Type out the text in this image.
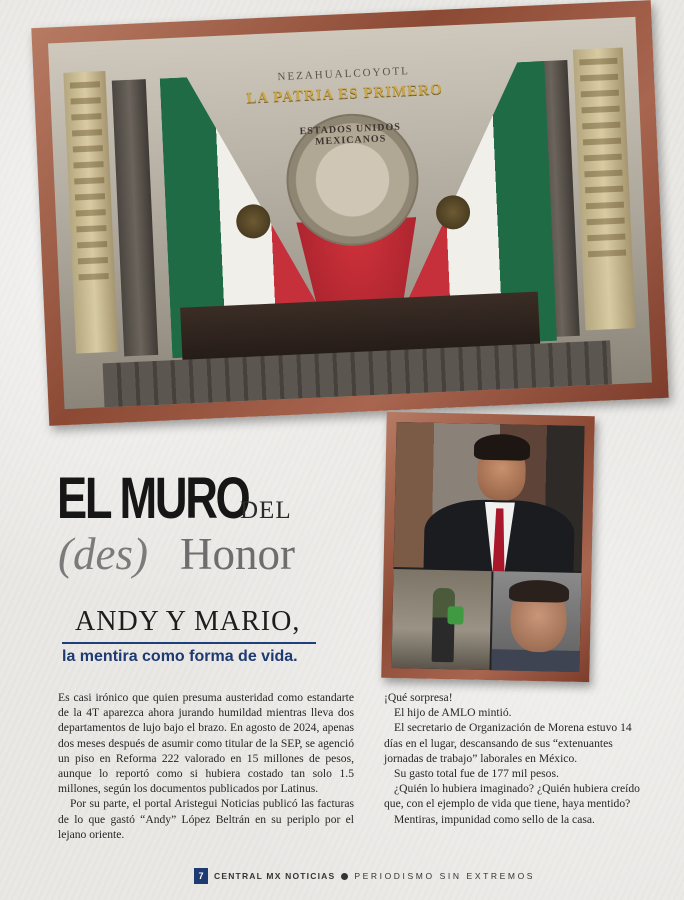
NEZAHUALCOYOTL
LA PATRIA ES PRIMERO
ESTADOS UNIDOS MEXICANOS
EL MURO
DEL
(des) Honor
ANDY Y MARIO,
la mentira como forma de vida.

Es casi irónico que quien presuma austeridad como estandarte de la 4T aparezca ahora jurando humildad mientras lleva dos departamentos de lujo bajo el brazo. En agosto de 2024, apenas dos meses después de asumir como titular de la SEP, se agenció un piso en Reforma 222 valorado en 15 millones de pesos, aunque lo reportó como si hubiera costado tan solo 1.5 millones, según los documentos publicados por Latinus.

Por su parte, el portal Aristegui Noticias publicó las facturas de lo que gastó “Andy” López Beltrán en su periplo por el lejano oriente.

¡Qué sorpresa!

El hijo de AMLO mintió.

El secretario de Organización de Morena estuvo 14 días en el lugar, descansando de sus “extenuantes jornadas de trabajo” laborales en México.

Su gasto total fue de 177 mil pesos.

¿Quién lo hubiera imaginado? ¿Quién hubiera creído que, con el ejemplo de vida que tiene, haya mentido?

Mentiras, impunidad como sello de la casa.

7	CENTRAL MX NOTICIAS PERIODISMO SIN EXTREMOS
